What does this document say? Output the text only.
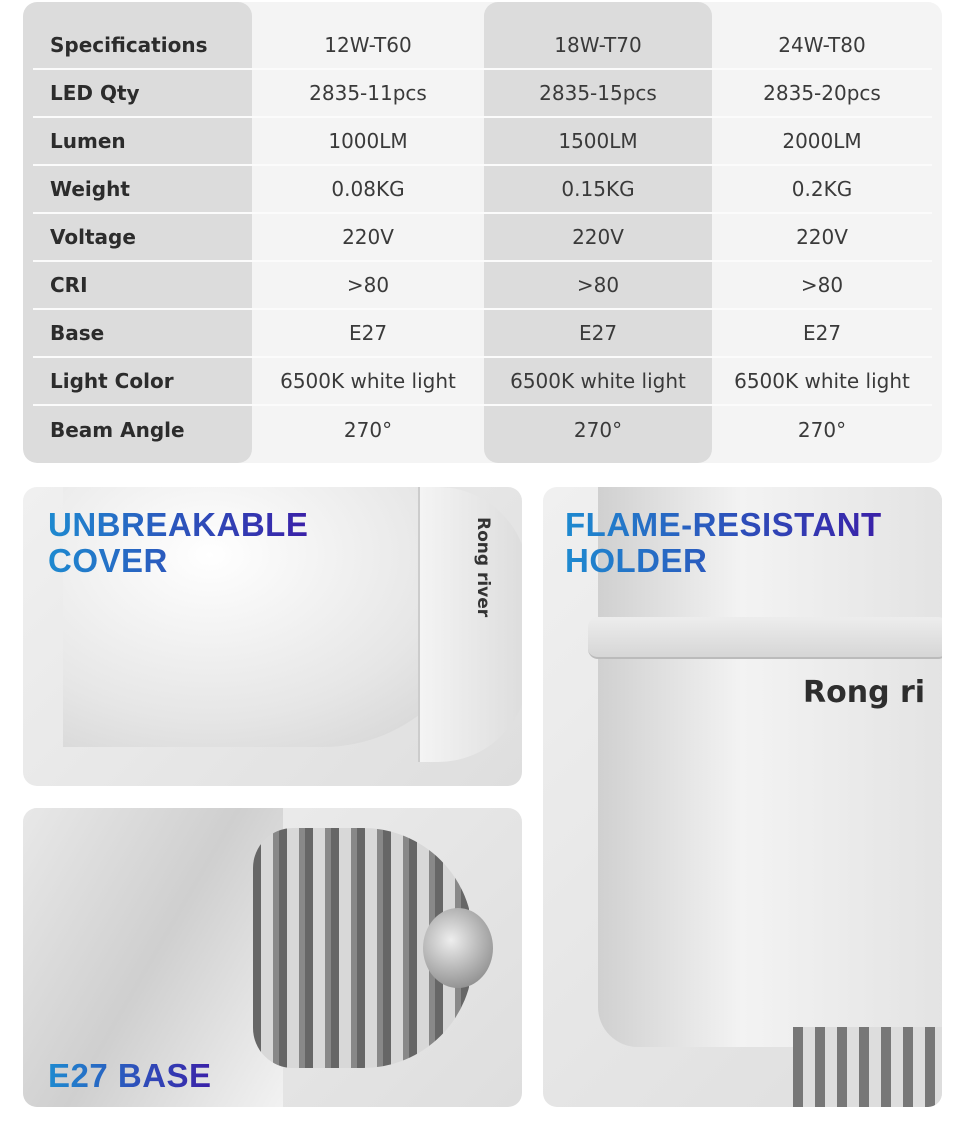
Specifications	12W-T60	18W-T70	24W-T80
LED Qty	2835-11pcs	2835-15pcs	2835-20pcs
Lumen	1000LM	1500LM	2000LM
Weight	0.08KG	0.15KG	0.2KG
Voltage	220V	220V	220V
CRI	>80	>80	>80
Base	E27	E27	E27
Light Color	6500K white light	6500K white light	6500K white light
Beam Angle	270°	270°	270°
Rong river
UNBREAKABLE
COVER
E27 BASE
Rong ri
FLAME-RESISTANT
HOLDER
